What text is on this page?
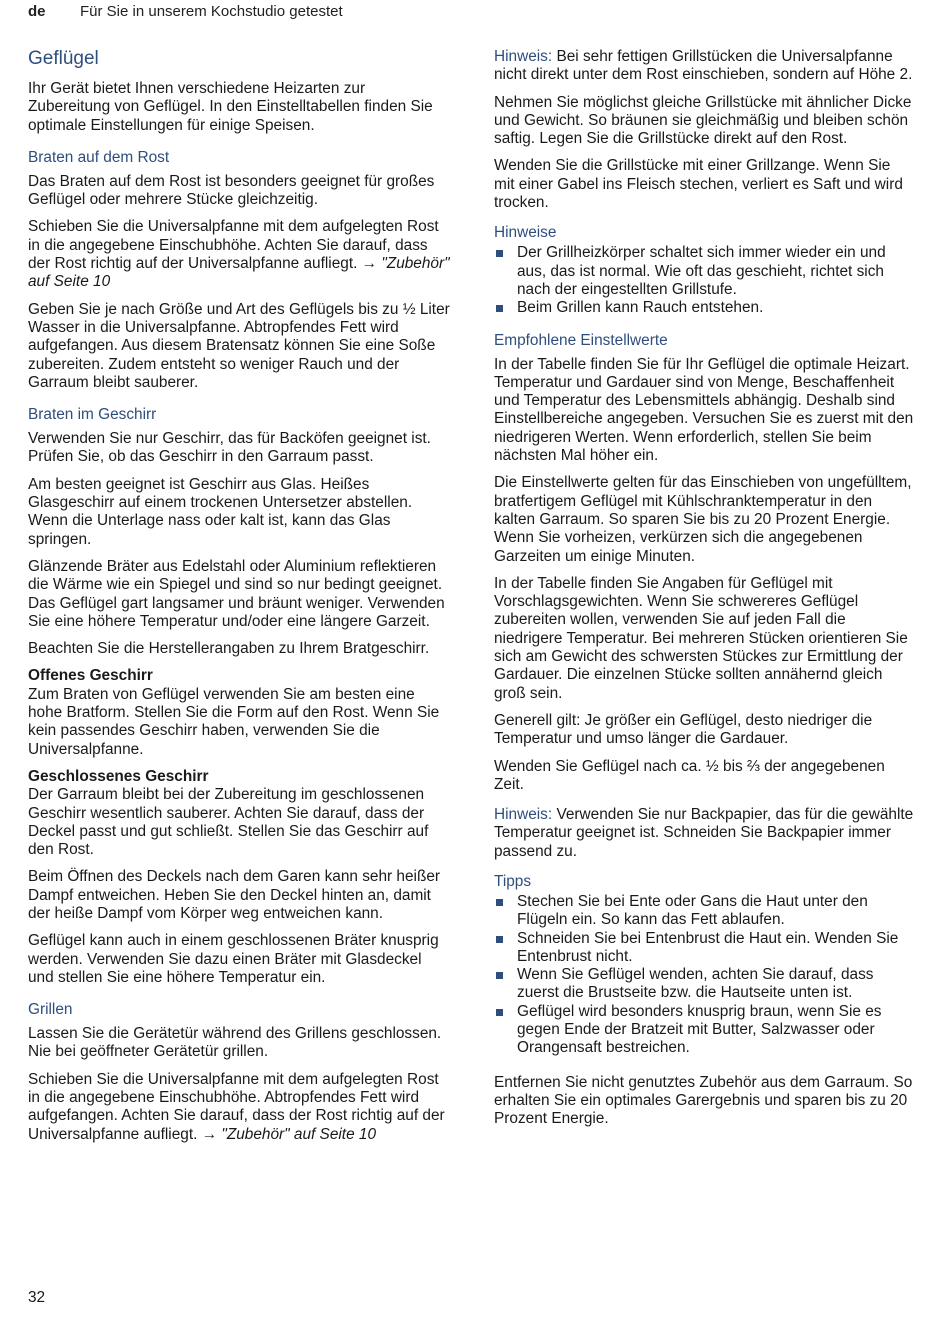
de	Für Sie in unserem Kochstudio getestet
Geflügel

Ihr Gerät bietet Ihnen verschiedene Heizarten zur Zubereitung von Geflügel. In den Einstelltabellen finden Sie optimale Einstellungen für einige Speisen.

Braten auf dem Rost

Das Braten auf dem Rost ist besonders geeignet für großes Geflügel oder mehrere Stücke gleichzeitig.

Schieben Sie die Universalpfanne mit dem aufgelegten Rost in die angegebene Einschubhöhe. Achten Sie darauf, dass der Rost richtig auf der Universalpfanne aufliegt. → "Zubehör" auf Seite 10

Geben Sie je nach Größe und Art des Geflügels bis zu ½ Liter Wasser in die Universalpfanne. Abtropfendes Fett wird aufgefangen. Aus diesem Bratensatz können Sie eine Soße zubereiten. Zudem entsteht so weniger Rauch und der Garraum bleibt sauberer.

Braten im Geschirr

Verwenden Sie nur Geschirr, das für Backöfen geeignet ist. Prüfen Sie, ob das Geschirr in den Garraum passt.

Am besten geeignet ist Geschirr aus Glas. Heißes Glasgeschirr auf einem trockenen Untersetzer abstellen. Wenn die Unterlage nass oder kalt ist, kann das Glas springen.

Glänzende Bräter aus Edelstahl oder Aluminium reflektieren die Wärme wie ein Spiegel und sind so nur bedingt geeignet. Das Geflügel gart langsamer und bräunt weniger. Verwenden Sie eine höhere Temperatur und/oder eine längere Garzeit.

Beachten Sie die Herstellerangaben zu Ihrem Bratgeschirr.

Offenes Geschirr

Zum Braten von Geflügel verwenden Sie am besten eine hohe Bratform. Stellen Sie die Form auf den Rost. Wenn Sie kein passendes Geschirr haben, verwenden Sie die Universalpfanne.

Geschlossenes Geschirr

Der Garraum bleibt bei der Zubereitung im geschlossenen Geschirr wesentlich sauberer. Achten Sie darauf, dass der Deckel passt und gut schließt. Stellen Sie das Geschirr auf den Rost.

Beim Öffnen des Deckels nach dem Garen kann sehr heißer Dampf entweichen. Heben Sie den Deckel hinten an, damit der heiße Dampf vom Körper weg entweichen kann.

Geflügel kann auch in einem geschlossenen Bräter knusprig werden. Verwenden Sie dazu einen Bräter mit Glasdeckel und stellen Sie eine höhere Temperatur ein.

Grillen

Lassen Sie die Gerätetür während des Grillens geschlossen. Nie bei geöffneter Gerätetür grillen.

Schieben Sie die Universalpfanne mit dem aufgelegten Rost in die angegebene Einschubhöhe. Abtropfendes Fett wird aufgefangen. Achten Sie darauf, dass der Rost richtig auf der Universalpfanne aufliegt. → "Zubehör" auf Seite 10

Hinweis: Bei sehr fettigen Grillstücken die Universalpfanne nicht direkt unter dem Rost einschieben, sondern auf Höhe 2.

Nehmen Sie möglichst gleiche Grillstücke mit ähnlicher Dicke und Gewicht. So bräunen sie gleichmäßig und bleiben schön saftig. Legen Sie die Grillstücke direkt auf den Rost.

Wenden Sie die Grillstücke mit einer Grillzange. Wenn Sie mit einer Gabel ins Fleisch stechen, verliert es Saft und wird trocken.

Hinweise
Der Grillheizkörper schaltet sich immer wieder ein und aus, das ist normal. Wie oft das geschieht, richtet sich nach der eingestellten Grillstufe.
Beim Grillen kann Rauch entstehen.
Empfohlene Einstellwerte

In der Tabelle finden Sie für Ihr Geflügel die optimale Heizart. Temperatur und Gardauer sind von Menge, Beschaffenheit und Temperatur des Lebensmittels abhängig. Deshalb sind Einstellbereiche angegeben. Versuchen Sie es zuerst mit den niedrigeren Werten. Wenn erforderlich, stellen Sie beim nächsten Mal höher ein.

Die Einstellwerte gelten für das Einschieben von ungefülltem, bratfertigem Geflügel mit Kühlschranktemperatur in den kalten Garraum. So sparen Sie bis zu 20 Prozent Energie. Wenn Sie vorheizen, verkürzen sich die angegebenen Garzeiten um einige Minuten.

In der Tabelle finden Sie Angaben für Geflügel mit Vorschlagsgewichten. Wenn Sie schwereres Geflügel zubereiten wollen, verwenden Sie auf jeden Fall die niedrigere Temperatur. Bei mehreren Stücken orientieren Sie sich am Gewicht des schwersten Stückes zur Ermittlung der Gardauer. Die einzelnen Stücke sollten annähernd gleich groß sein.

Generell gilt: Je größer ein Geflügel, desto niedriger die Temperatur und umso länger die Gardauer.

Wenden Sie Geflügel nach ca. ½ bis ⅔ der angegebenen Zeit.

Hinweis: Verwenden Sie nur Backpapier, das für die gewählte Temperatur geeignet ist. Schneiden Sie Backpapier immer passend zu.

Tipps
Stechen Sie bei Ente oder Gans die Haut unter den Flügeln ein. So kann das Fett ablaufen.
Schneiden Sie bei Entenbrust die Haut ein. Wenden Sie Entenbrust nicht.
Wenn Sie Geflügel wenden, achten Sie darauf, dass zuerst die Brustseite bzw. die Hautseite unten ist.
Geflügel wird besonders knusprig braun, wenn Sie es gegen Ende der Bratzeit mit Butter, Salzwasser oder Orangensaft bestreichen.

Entfernen Sie nicht genutztes Zubehör aus dem Garraum. So erhalten Sie ein optimales Garergebnis und sparen bis zu 20 Prozent Energie.

32
